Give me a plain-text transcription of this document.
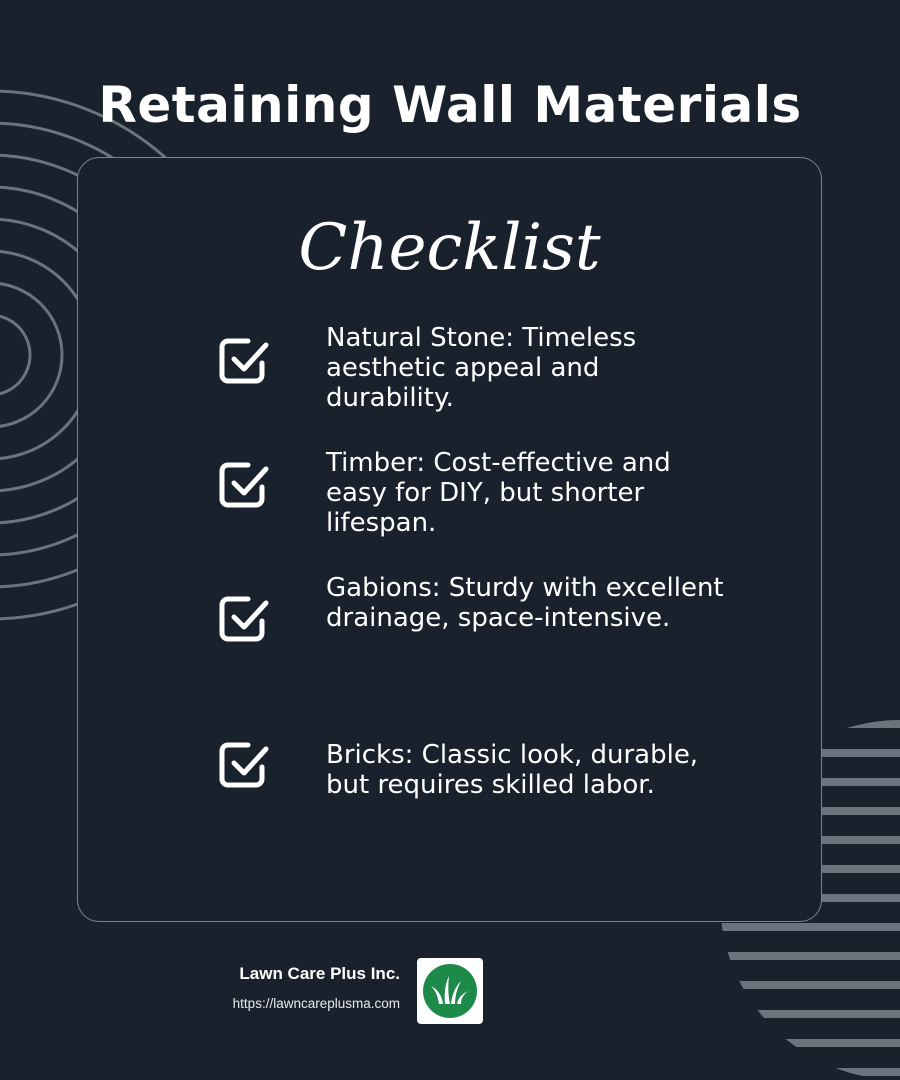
Retaining Wall Materials
Checklist
Natural Stone: Timeless aesthetic appeal and durability.
Timber: Cost-effective and easy for DIY, but shorter lifespan.
Gabions: Sturdy with excellent drainage, space-intensive.
Bricks: Classic look, durable, but requires skilled labor.
Lawn Care Plus Inc.
https://lawncareplusma.com
